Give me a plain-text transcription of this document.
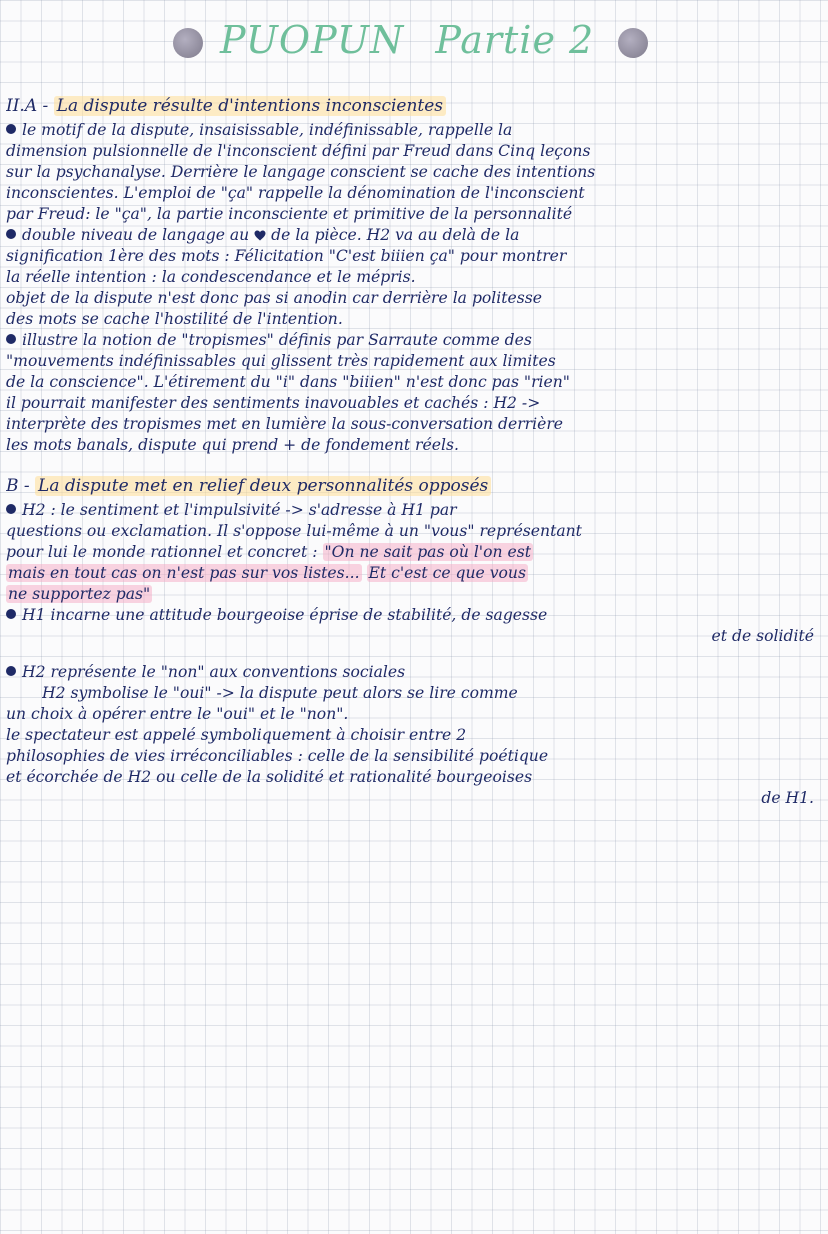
PUOPUN Partie 2
II.A - La dispute résulte d'intentions inconscientes
le motif de la dispute, insaisissable, indéfinissable, rappelle la
dimension pulsionnelle de l'inconscient défini par Freud dans Cinq leçons
sur la psychanalyse. Derrière le langage conscient se cache des intentions
inconscientes. L'emploi de "ça" rappelle la dénomination de l'inconscient
par Freud: le "ça", la partie inconsciente et primitive de la personnalité
double niveau de langage au de la pièce. H2 va au delà de la
signification 1ère des mots : Félicitation "C'est biiien ça" pour montrer
la réelle intention : la condescendance et le mépris.
objet de la dispute n'est donc pas si anodin car derrière la politesse
des mots se cache l'hostilité de l'intention.
illustre la notion de "tropismes" définis par Sarraute comme des
"mouvements indéfinissables qui glissent très rapidement aux limites
de la conscience". L'étirement du "i" dans "biiien" n'est donc pas "rien"
il pourrait manifester des sentiments inavouables et cachés : H2 ->
interprète des tropismes met en lumière la sous-conversation derrière
les mots banals, dispute qui prend + de fondement réels.
B - La dispute met en relief deux personnalités opposés
H2 : le sentiment et l'impulsivité -> s'adresse à H1 par
questions ou exclamation. Il s'oppose lui-même à un "vous" représentant
pour lui le monde rationnel et concret : "On ne sait pas où l'on est
mais en tout cas on n'est pas sur vos listes... Et c'est ce que vous
ne supportez pas"
H1 incarne une attitude bourgeoise éprise de stabilité, de sagesse
et de solidité
H2 représente le "non" aux conventions sociales
H2 symbolise le "oui" -> la dispute peut alors se lire comme
un choix à opérer entre le "oui" et le "non".
le spectateur est appelé symboliquement à choisir entre 2
philosophies de vies irréconciliables : celle de la sensibilité poétique
et écorchée de H2 ou celle de la solidité et rationalité bourgeoises
de H1.
